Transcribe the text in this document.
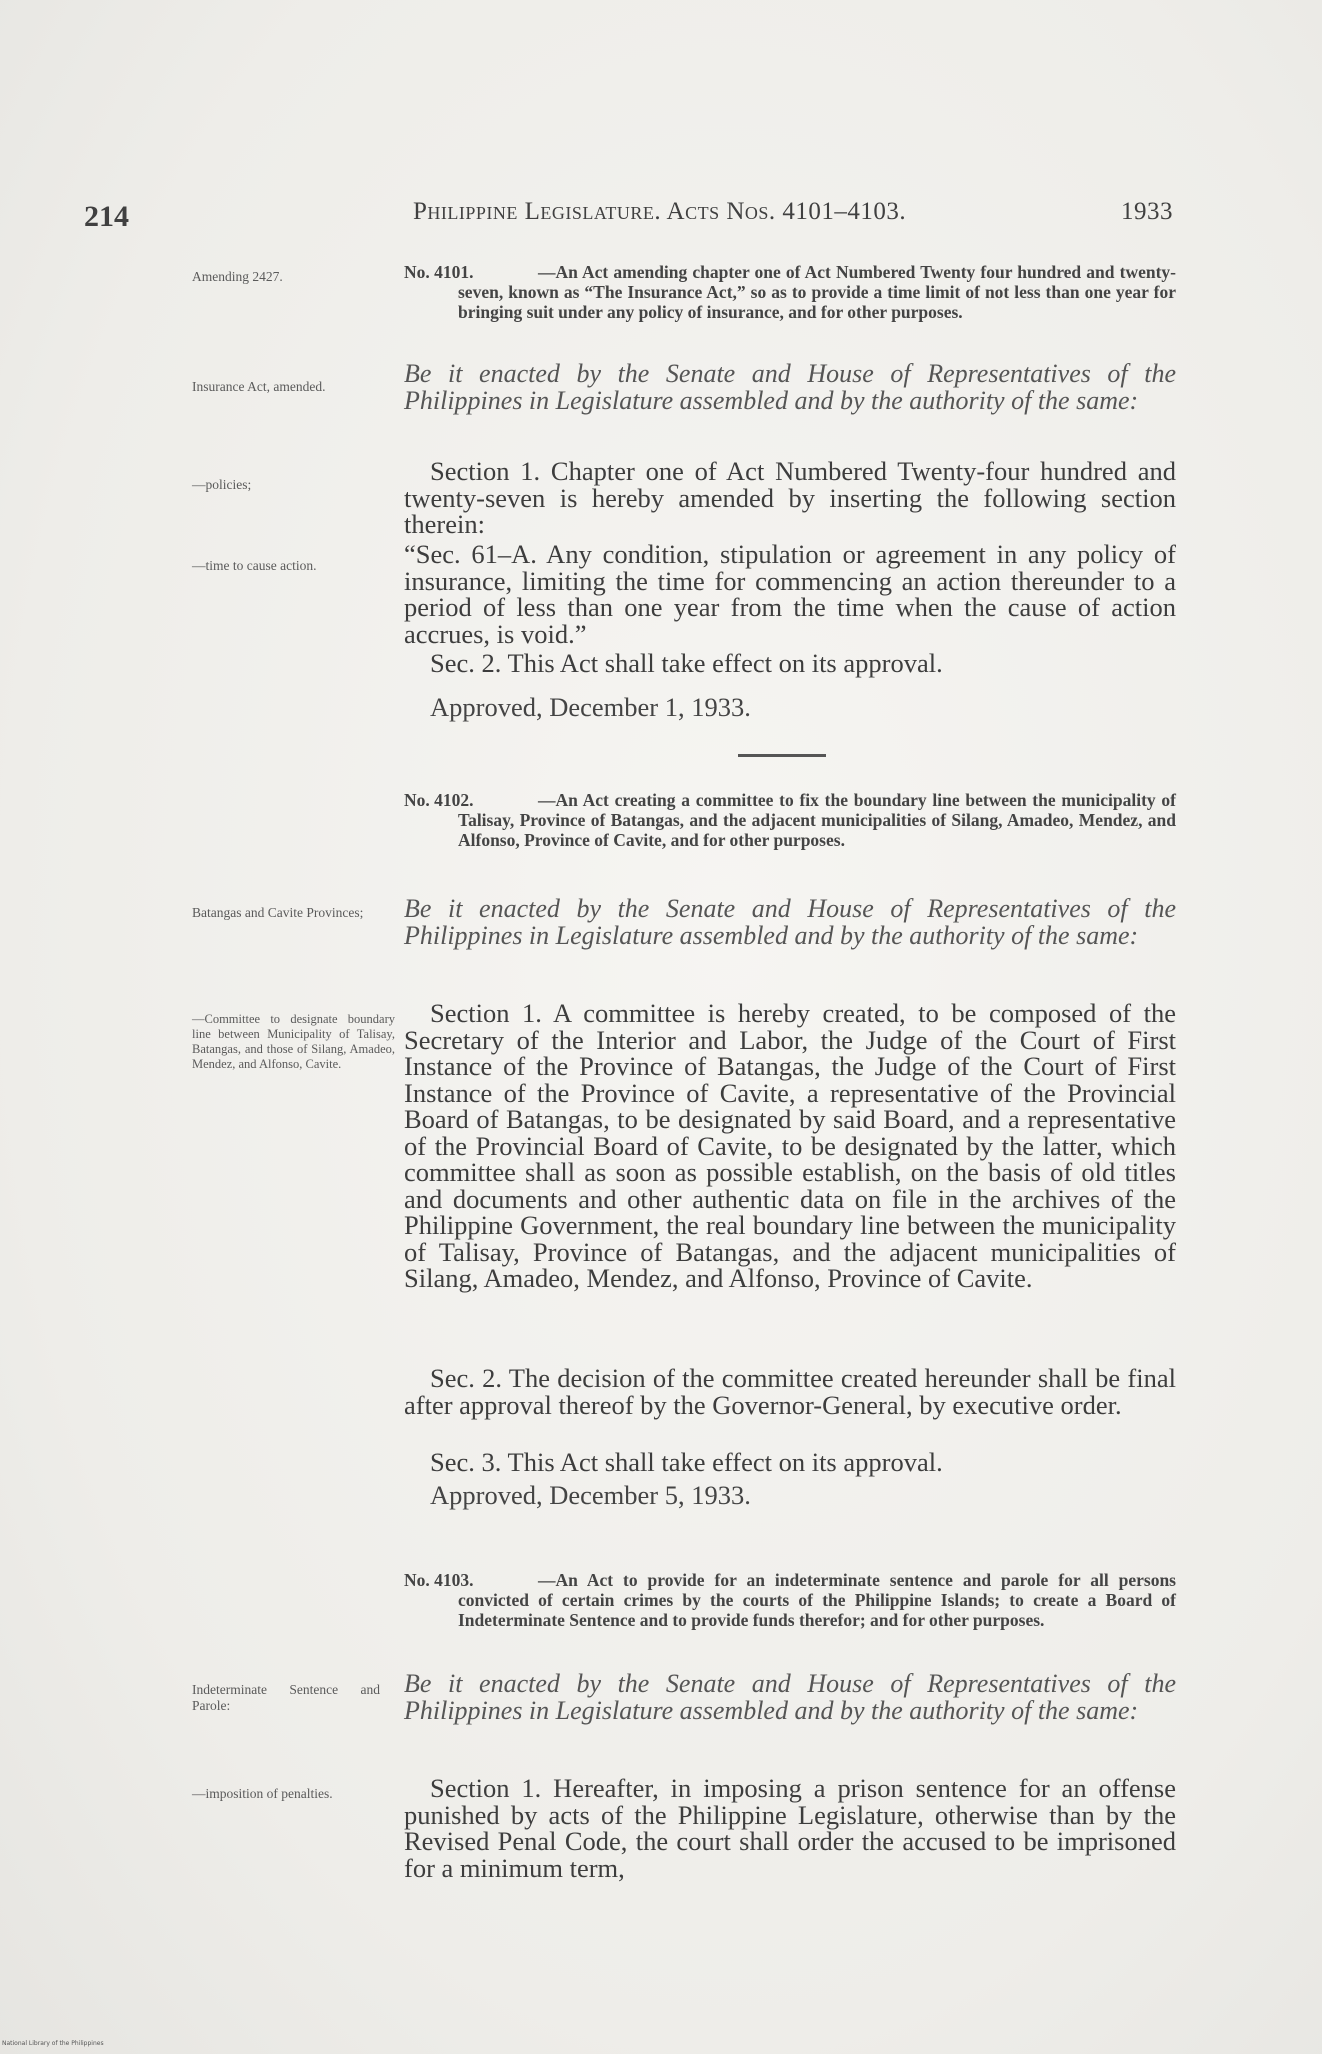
214	Philippine Legislature. Acts Nos. 4101–4103.	1933
Amending 2427.	No. 4101.	—An Act amending chapter one of Act Numbered Twenty four hundred and twenty-seven, known as “The Insurance Act,” so as to provide a time limit of not less than one year for bringing suit under any policy of insurance, and for other purposes.
Insurance Act, amended.	Be it enacted by the Senate and House of Representatives of the Philippines in Legislature assembled and by the authority of the same:
—policies;	Section 1. Chapter one of Act Numbered Twenty-four hundred and twenty-seven is hereby amended by inserting the following section therein:
—time to cause action.	“Sec. 61–A. Any condition, stipulation or agreement in any policy of insurance, limiting the time for commencing an action thereunder to a period of less than one year from the time when the cause of action accrues, is void.”
Sec. 2. This Act shall take effect on its approval.
Approved, December 1, 1933.
No. 4102.	—An Act creating a committee to fix the boundary line between the municipality of Talisay, Province of Batangas, and the adjacent municipalities of Silang, Amadeo, Mendez, and Alfonso, Province of Cavite, and for other purposes.
Batangas and Cavite Provinces;	Be it enacted by the Senate and House of Representatives of the Philippines in Legislature assembled and by the authority of the same:
—Committee to designate boundary line between Municipality of Talisay, Batangas, and those of Silang, Amadeo, Mendez, and Alfonso, Cavite.
Section 1. A committee is hereby created, to be composed of the Secretary of the Interior and Labor, the Judge of the Court of First Instance of the Province of Batangas, the Judge of the Court of First Instance of the Province of Cavite, a representative of the Provincial Board of Batangas, to be designated by said Board, and a representative of the Provincial Board of Cavite, to be designated by the latter, which committee shall as soon as possible establish, on the basis of old titles and documents and other authentic data on file in the archives of the Philippine Government, the real boundary line between the municipality of Talisay, Province of Batangas, and the adjacent municipalities of Silang, Amadeo, Mendez, and Alfonso, Province of Cavite.
Sec. 2. The decision of the committee created hereunder shall be final after approval thereof by the Governor-General, by executive order.
Sec. 3. This Act shall take effect on its approval.
Approved, December 5, 1933.
No. 4103.	—An Act to provide for an indeterminate sentence and parole for all persons convicted of certain crimes by the courts of the Philippine Islands; to create a Board of Indeterminate Sentence and to provide funds therefor; and for other purposes.
Indeterminate Sentence and Parole:
Be it enacted by the Senate and House of Representatives of the Philippines in Legislature assembled and by the authority of the same:
—imposition of penalties.	Section 1. Hereafter, in imposing a prison sentence for an offense punished by acts of the Philippine Legislature, otherwise than by the Revised Penal Code, the court shall order the accused to be imprisoned for a minimum term,
National Library of the Philippines
